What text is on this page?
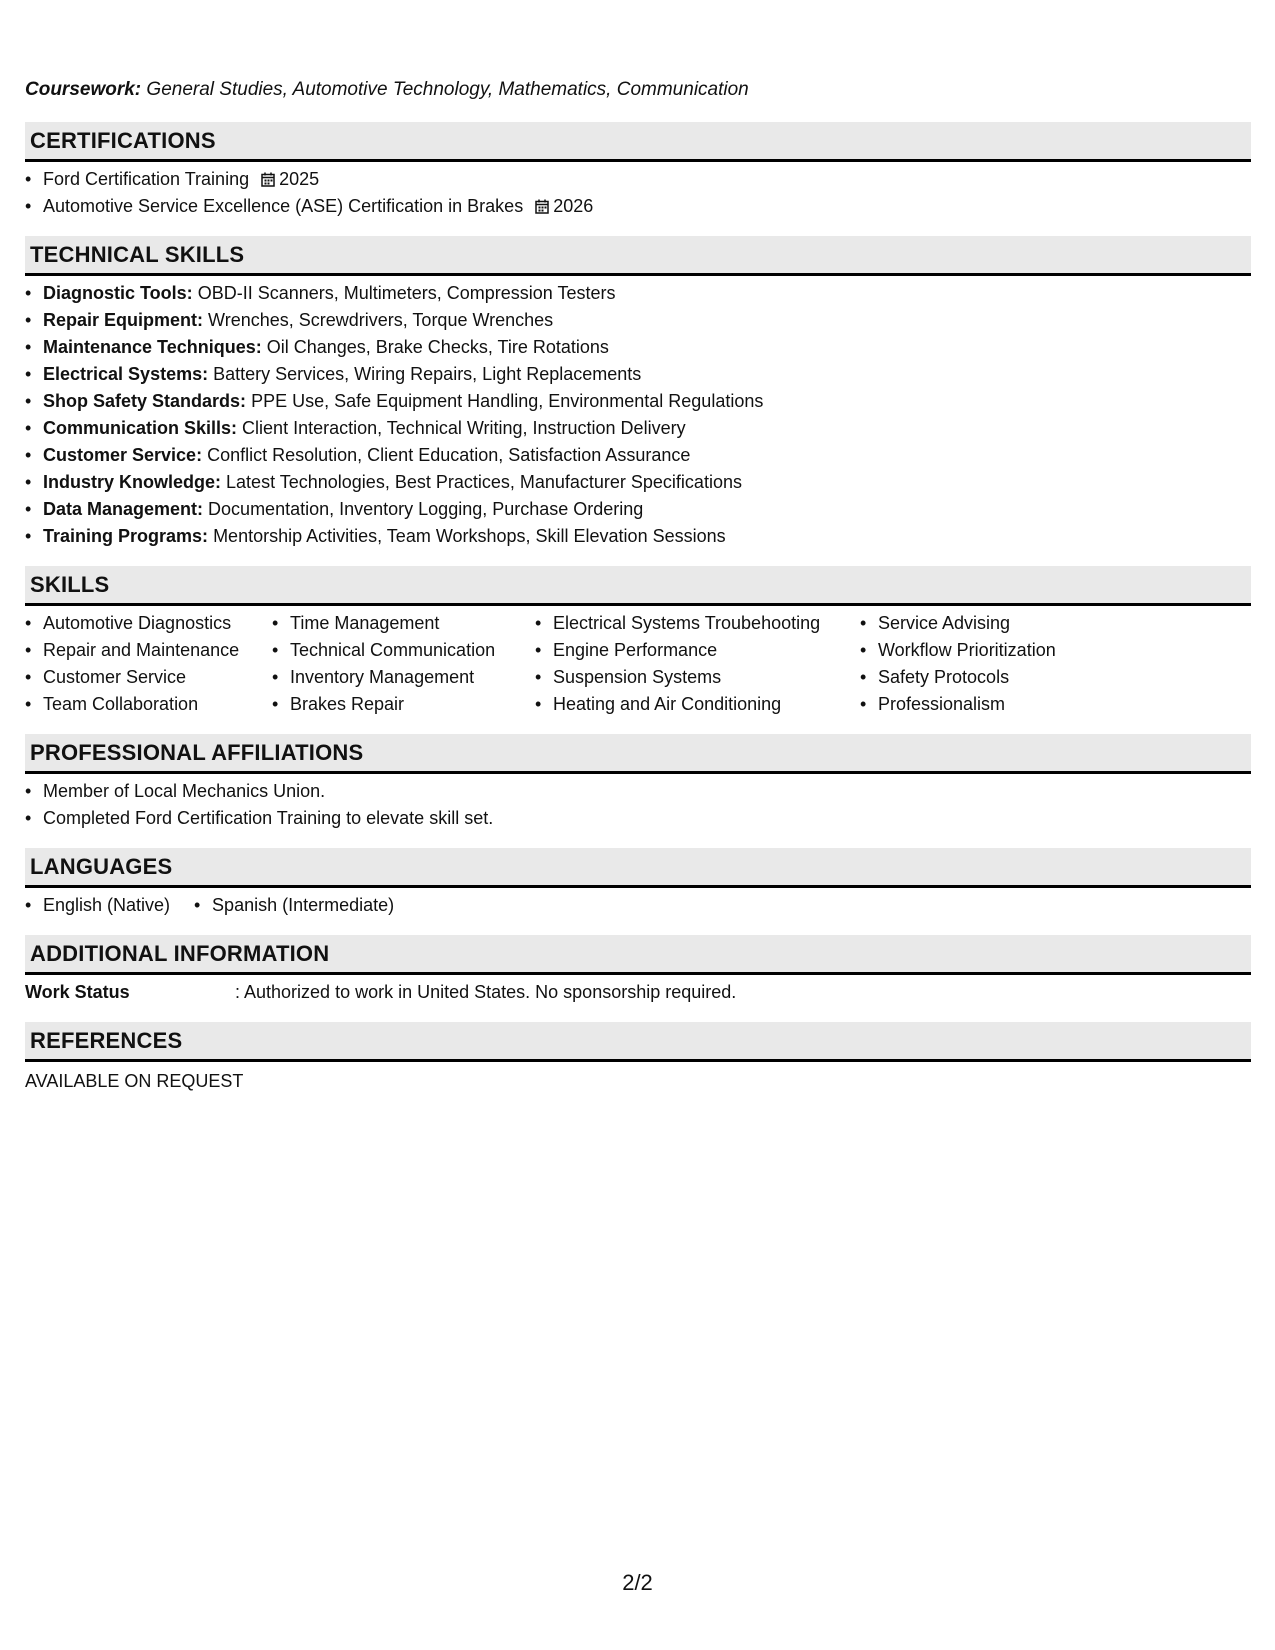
Coursework: General Studies, Automotive Technology, Mathematics, Communication
CERTIFICATIONS
• Ford Certification Training 2025
• Automotive Service Excellence (ASE) Certification in Brakes 2026
TECHNICAL SKILLS
• Diagnostic Tools: OBD-II Scanners, Multimeters, Compression Testers
• Repair Equipment: Wrenches, Screwdrivers, Torque Wrenches
• Maintenance Techniques: Oil Changes, Brake Checks, Tire Rotations
• Electrical Systems: Battery Services, Wiring Repairs, Light Replacements
• Shop Safety Standards: PPE Use, Safe Equipment Handling, Environmental Regulations
• Communication Skills: Client Interaction, Technical Writing, Instruction Delivery
• Customer Service: Conflict Resolution, Client Education, Satisfaction Assurance
• Industry Knowledge: Latest Technologies, Best Practices, Manufacturer Specifications
• Data Management: Documentation, Inventory Logging, Purchase Ordering
• Training Programs: Mentorship Activities, Team Workshops, Skill Elevation Sessions
SKILLS
• Automotive Diagnostics
• Repair and Maintenance
• Customer Service
• Team Collaboration
• Time Management
• Technical Communication
• Inventory Management
• Brakes Repair
• Electrical Systems Troubehooting
• Engine Performance
• Suspension Systems
• Heating and Air Conditioning
• Service Advising
• Workflow Prioritization
• Safety Protocols
• Professionalism
PROFESSIONAL AFFILIATIONS
• Member of Local Mechanics Union.
• Completed Ford Certification Training to elevate skill set.
LANGUAGES
• English (Native)
•	Spanish (Intermediate)
ADDITIONAL INFORMATION
Work Status	: Authorized to work in United States. No sponsorship required.
REFERENCES
AVAILABLE ON REQUEST
2/2
